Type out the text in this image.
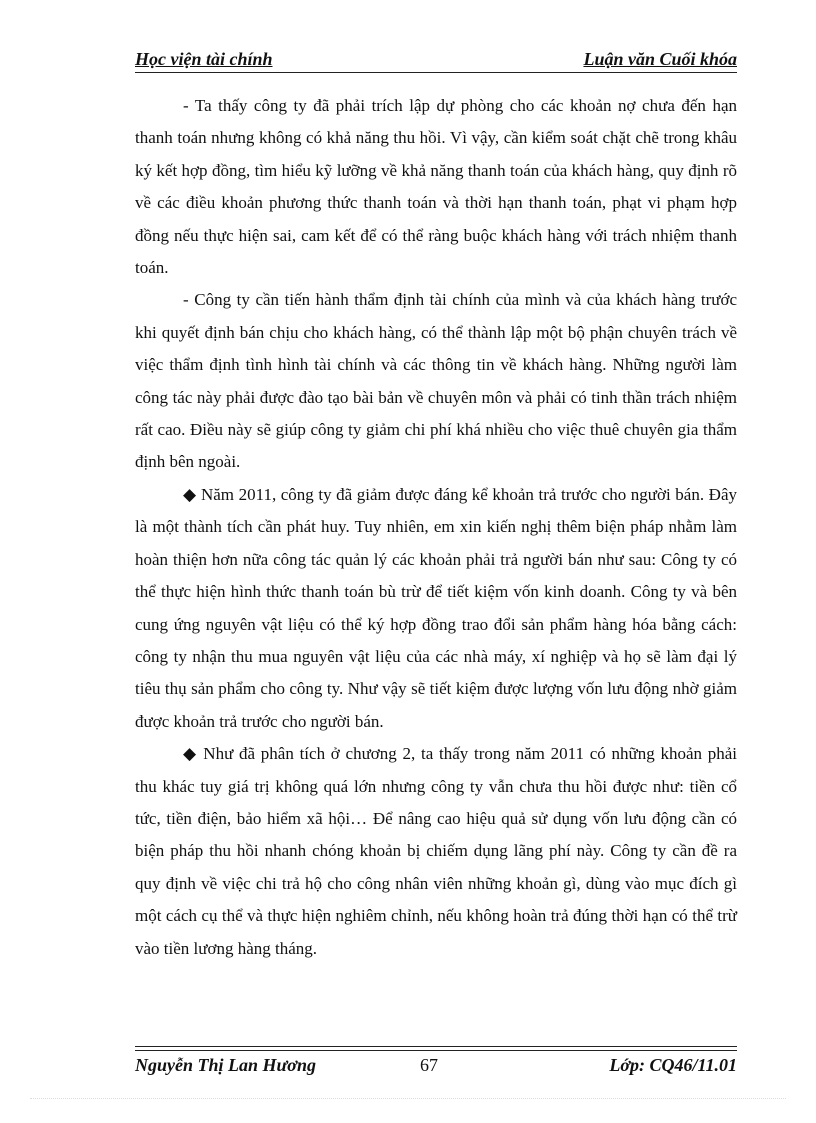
Học viện tài chính	Luận văn Cuối khóa

- Ta thấy công ty đã phải trích lập dự phòng cho các khoản nợ chưa đến hạn thanh toán nhưng không có khả năng thu hồi. Vì vậy, cần kiểm soát chặt chẽ trong khâu ký kết hợp đồng, tìm hiểu kỹ lưỡng về khả năng thanh toán của khách hàng, quy định rõ về các điều khoản phương thức thanh toán và thời hạn thanh toán, phạt vi phạm hợp đồng nếu thực hiện sai, cam kết để có thể ràng buộc khách hàng với trách nhiệm thanh toán.

- Công ty cần tiến hành thẩm định tài chính của mình và của khách hàng trước khi quyết định bán chịu cho khách hàng, có thể thành lập một bộ phận chuyên trách về việc thẩm định tình hình tài chính và các thông tin về khách hàng. Những người làm công tác này phải được đào tạo bài bản về chuyên môn và phải có tinh thần trách nhiệm rất cao. Điều này sẽ giúp công ty giảm chi phí khá nhiều cho việc thuê chuyên gia thẩm định bên ngoài.

◆ Năm 2011, công ty đã giảm được đáng kể khoản trả trước cho người bán. Đây là một thành tích cần phát huy. Tuy nhiên, em xin kiến nghị thêm biện pháp nhằm làm hoàn thiện hơn nữa công tác quản lý các khoản phải trả người bán như sau: Công ty có thể thực hiện hình thức thanh toán bù trừ để tiết kiệm vốn kinh doanh. Công ty và bên cung ứng nguyên vật liệu có thể ký hợp đồng trao đổi sản phẩm hàng hóa bằng cách: công ty nhận thu mua nguyên vật liệu của các nhà máy, xí nghiệp và họ sẽ làm đại lý tiêu thụ sản phẩm cho công ty. Như vậy sẽ tiết kiệm được lượng vốn lưu động nhờ giảm được khoản trả trước cho người bán.

◆ Như đã phân tích ở chương 2, ta thấy trong năm 2011 có những khoản phải thu khác tuy giá trị không quá lớn nhưng công ty vẫn chưa thu hồi được như: tiền cổ tức, tiền điện, bảo hiểm xã hội… Để nâng cao hiệu quả sử dụng vốn lưu động cần có biện pháp thu hồi nhanh chóng khoản bị chiếm dụng lãng phí này. Công ty cần đề ra quy định về việc chi trả hộ cho công nhân viên những khoản gì, dùng vào mục đích gì một cách cụ thể và thực hiện nghiêm chỉnh, nếu không hoàn trả đúng thời hạn có thể trừ vào tiền lương hàng tháng.

Nguyễn Thị Lan Hương	67	Lớp: CQ46/11.01
